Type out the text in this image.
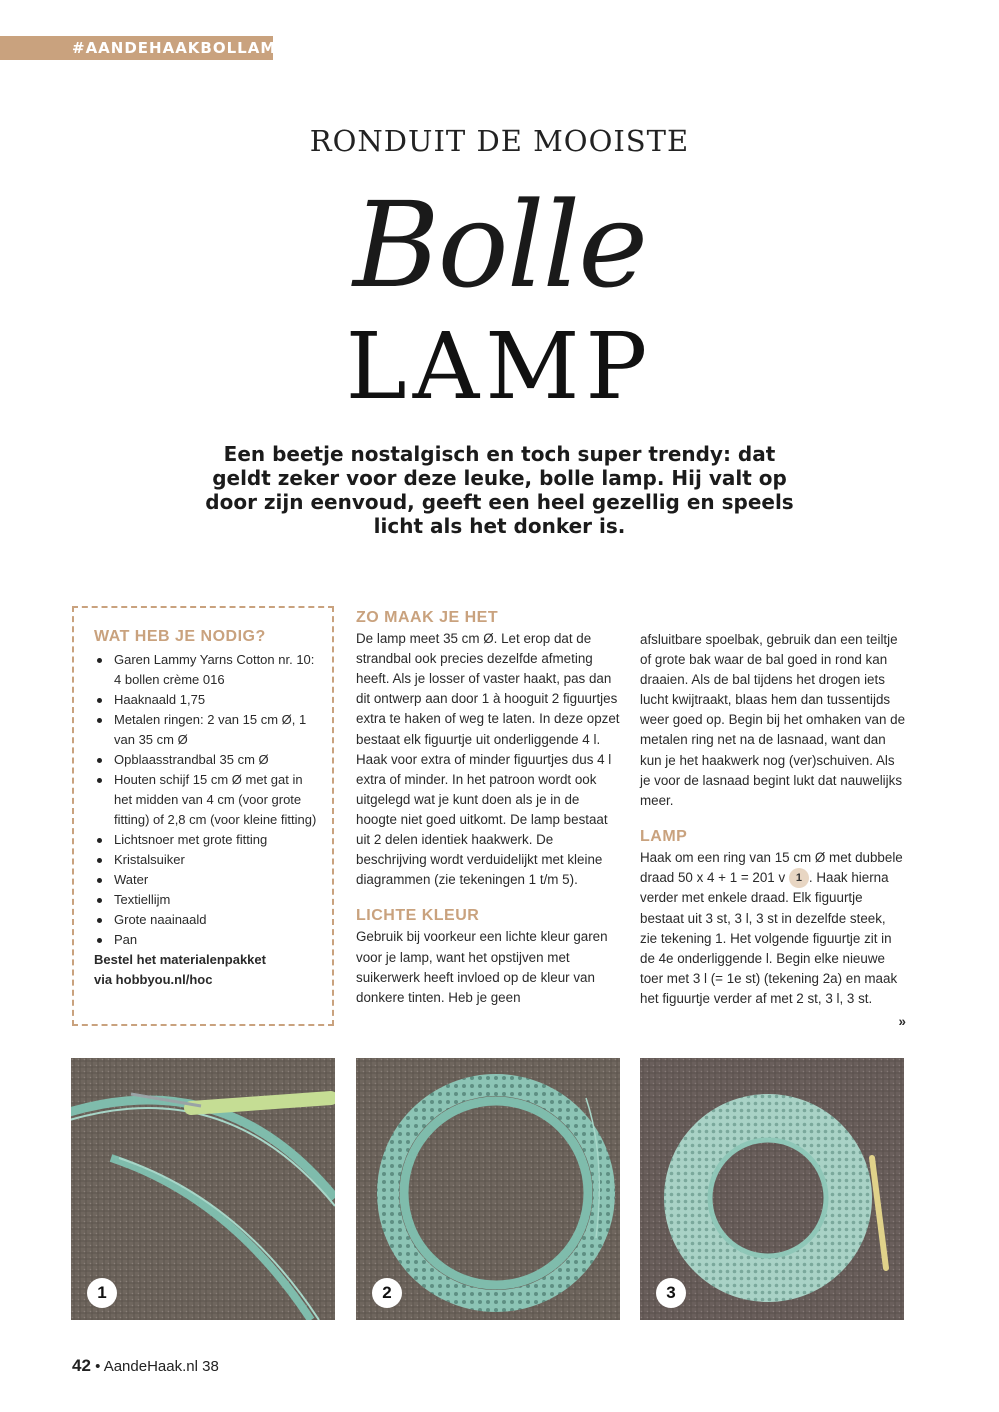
#AANDEHAAKBOLLAMP
RONDUIT DE MOOISTE
Bolle
LAMP
Een beetje nostalgisch en toch super trendy: dat geldt zeker voor deze leuke, bolle lamp. Hij valt op door zijn eenvoud, geeft een heel gezellig en speels licht als het donker is.
WAT HEB JE NODIG?
Garen Lammy Yarns Cotton nr. 10: 4 bollen crème 016
Haaknaald 1,75
Metalen ringen: 2 van 15 cm Ø, 1 van 35 cm Ø
Opblaasstrandbal 35 cm Ø
Houten schijf 15 cm Ø met gat in het midden van 4 cm (voor grote fitting) of 2,8 cm (voor kleine fitting)
Lichtsnoer met grote fitting
Kristalsuiker
Water
Textiellijm
Grote naainaald
Pan
Bestel het materialenpakket
via hobbyou.nl/hoc
ZO MAAK JE HET

De lamp meet 35 cm Ø. Let erop dat de strandbal ook precies dezelfde afmeting heeft. Als je losser of vaster haakt, pas dan dit ontwerp aan door 1 à hooguit 2 figuurtjes extra te haken of weg te laten. In deze opzet bestaat elk figuurtje uit onderliggende 4 l. Haak voor extra of minder figuurtjes dus 4 l extra of minder. In het patroon wordt ook uitgelegd wat je kunt doen als je in de hoogte niet goed uitkomt. De lamp bestaat uit 2 delen identiek haakwerk. De beschrijving wordt verduidelijkt met kleine diagrammen (zie tekeningen 1 t/m 5).

LICHTE KLEUR

Gebruik bij voorkeur een lichte kleur garen voor je lamp, want het opstijven met suikerwerk heeft invloed op de kleur van donkere tinten. Heb je geen

afsluitbare spoelbak, gebruik dan een teiltje of grote bak waar de bal goed in rond kan draaien. Als de bal tijdens het drogen iets lucht kwijtraakt, blaas hem dan tussentijds weer goed op. Begin bij het omhaken van de metalen ring net na de lasnaad, want dan kun je het haakwerk nog (ver)schuiven. Als je voor de lasnaad begint lukt dat nauwelijks meer.

LAMP

Haak om een ring van 15 cm Ø met dubbele draad 50 x 4 + 1 = 201 v 1 . Haak hierna verder met enkele draad. Elk figuurtje bestaat uit 3 st, 3 l, 3 st in dezelfde steek, zie tekening 1. Het volgende figuurtje zit in de 4e onderliggende l. Begin elke nieuwe toer met 3 l (= 1e st) (tekening 2a) en maak het figuurtje verder af met 2 st, 3 l, 3 st.

»
1	2	3
42 • AandeHaak.nl 38
